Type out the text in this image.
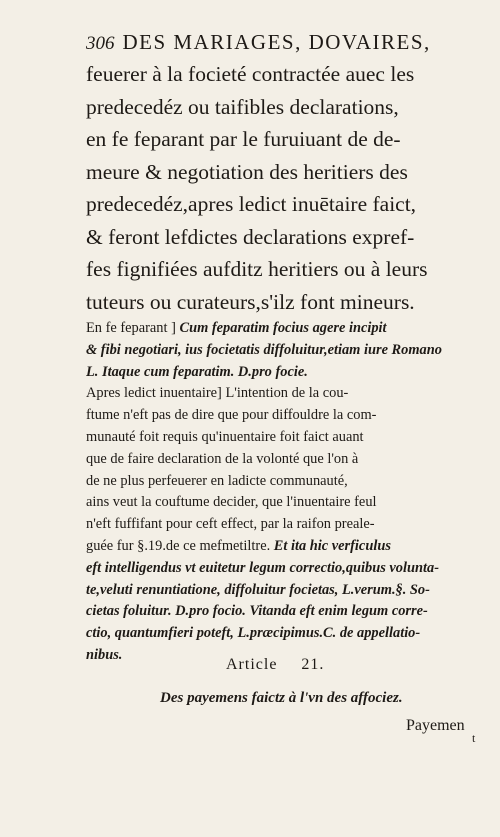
306 DES MARIAGES, DOVAIRES,
feuerer à la focieté contractée auec les
predecedéz ou taifibles declarations,
en fe feparant par le furuiuant de de-
meure & negotiation des heritiers des
predecedéz,apres ledict inuētaire faict,
& feront lefdictes declarations expref-
fes fignifiées aufditz heritiers ou à leurs
tuteurs ou curateurs,s'ilz font mineurs.
En fe feparant ] Cum feparatim focius agere incipit
& fibi negotiari, ius focietatis diffoluitur,etiam iure Romano
L. Itaque cum feparatim. D.pro focie.
Apres ledict inuentaire] L'intention de la cou-
ftume n'eft pas de dire que pour diffouldre la com-
munauté foit requis qu'inuentaire foit faict auant
que de faire declaration de la volonté que l'on à
de ne plus perfeuerer en ladicte communauté,
ains veut la couftume decider, que l'inuentaire feul
n'eft fuffifant pour ceft effect, par la raifon preale-
guée fur §.19.de ce mefmetiltre. Et ita hic verficulus
eft intelligendus vt euitetur legum correctio,quibus volunta-
te,veluti renuntiatione, diffoluitur focietas, L.verum.§. So-
cietas foluitur. D.pro focio. Vitanda eft enim legum corre-
ctio, quantumfieri poteft, L.præcipimus.C. de appellatio-
nibus.
Article 21.
Des payemens faictz à l'vn des affociez.
Payemen
t
